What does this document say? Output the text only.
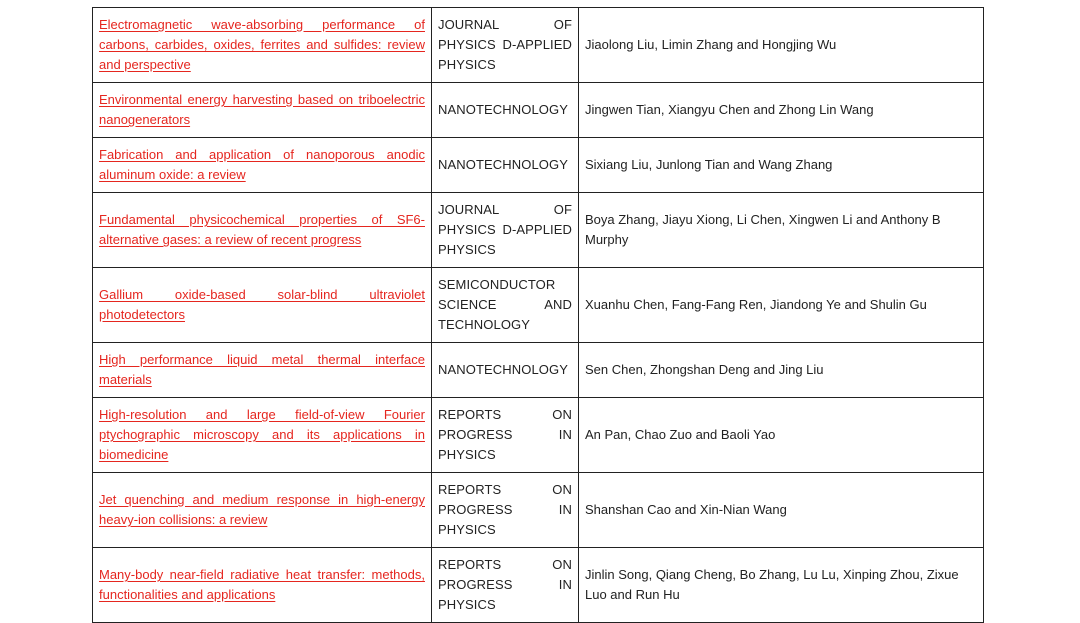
Electromagnetic wave-absorbing performance of carbons, carbides, oxides, ferrites and sulfides: review and perspective	JOURNAL OF PHYSICS D-APPLIED PHYSICS	Jiaolong Liu, Limin Zhang and Hongjing Wu
Environmental energy harvesting based on triboelectric nanogenerators	NANOTECHNOLOGY	Jingwen Tian, Xiangyu Chen and Zhong Lin Wang
Fabrication and application of nanoporous anodic aluminum oxide: a review	NANOTECHNOLOGY	Sixiang Liu, Junlong Tian and Wang Zhang
Fundamental physicochemical properties of SF6-alternative gases: a review of recent progress	JOURNAL OF PHYSICS D-APPLIED PHYSICS	Boya Zhang, Jiayu Xiong, Li Chen, Xingwen Li and Anthony B Murphy
Gallium oxide-based solar-blind ultraviolet photodetectors	SEMICONDUCTOR SCIENCE AND TECHNOLOGY	Xuanhu Chen, Fang-Fang Ren, Jiandong Ye and Shulin Gu
High performance liquid metal thermal interface materials	NANOTECHNOLOGY	Sen Chen, Zhongshan Deng and Jing Liu
High-resolution and large field-of-view Fourier ptychographic microscopy and its applications in biomedicine	REPORTS ON PROGRESS IN PHYSICS	An Pan, Chao Zuo and Baoli Yao
Jet quenching and medium response in high-energy heavy-ion collisions: a review	REPORTS ON PROGRESS IN PHYSICS	Shanshan Cao and Xin-Nian Wang
Many-body near-field radiative heat transfer: methods, functionalities and applications	REPORTS ON PROGRESS IN PHYSICS	Jinlin Song, Qiang Cheng, Bo Zhang, Lu Lu, Xinping Zhou, Zixue Luo and Run Hu
